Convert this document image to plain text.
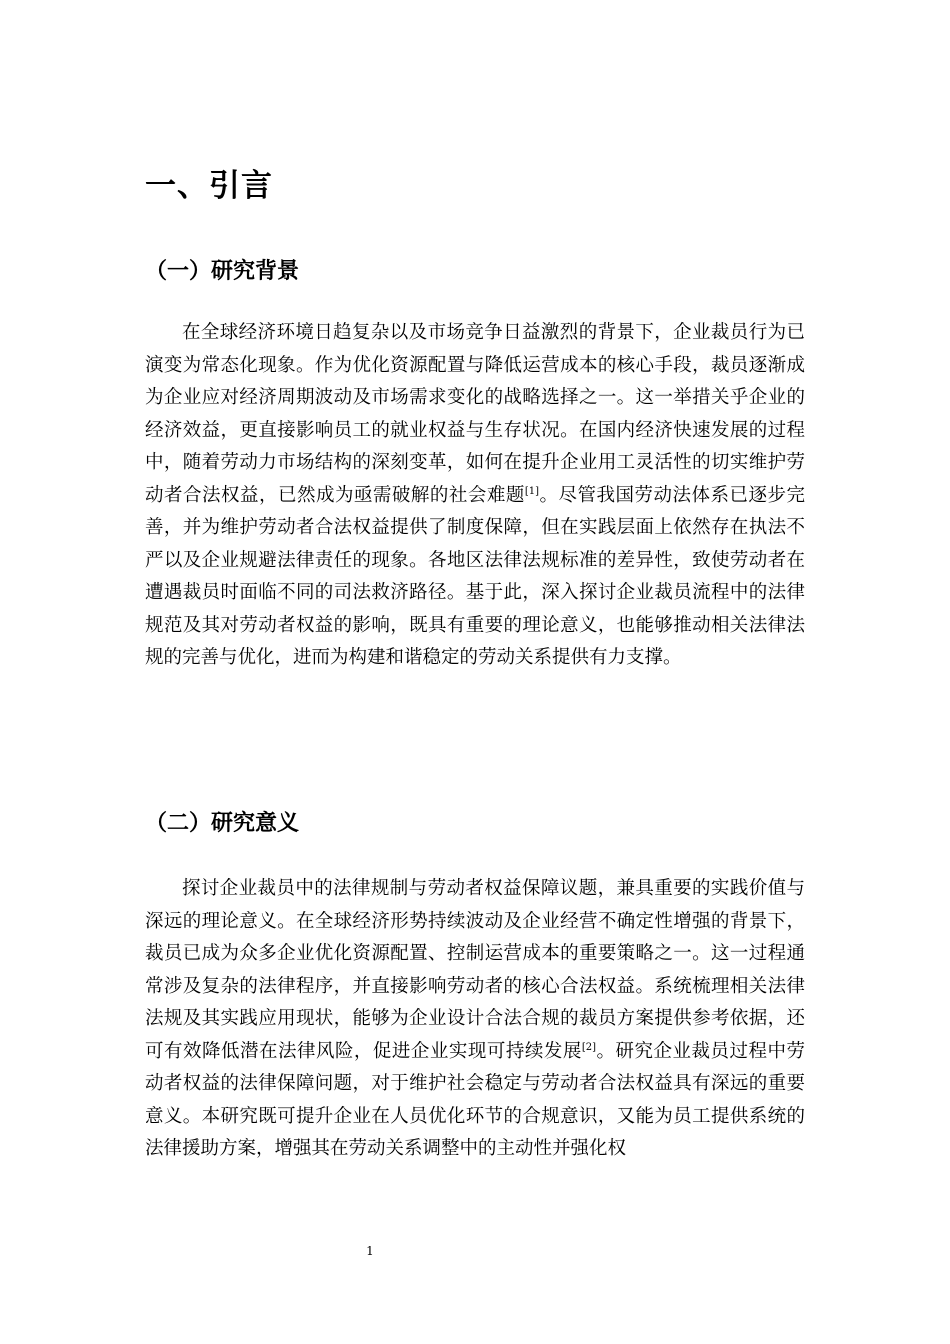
一、引言
（一）研究背景
在全球经济环境日趋复杂以及市场竞争日益激烈的背景下，企业裁员行为已演变为常态化现象。作为优化资源配置与降低运营成本的核心手段，裁员逐渐成为企业应对经济周期波动及市场需求变化的战略选择之一。这一举措关乎企业的经济效益，更直接影响员工的就业权益与生存状况。在国内经济快速发展的过程中，随着劳动力市场结构的深刻变革，如何在提升企业用工灵活性的切实维护劳动者合法权益，已然成为亟需破解的社会难题[1]。尽管我国劳动法体系已逐步完善，并为维护劳动者合法权益提供了制度保障，但在实践层面上依然存在执法不严以及企业规避法律责任的现象。各地区法律法规标准的差异性，致使劳动者在遭遇裁员时面临不同的司法救济路径。基于此，深入探讨企业裁员流程中的法律规范及其对劳动者权益的影响，既具有重要的理论意义，也能够推动相关法律法规的完善与优化，进而为构建和谐稳定的劳动关系提供有力支撑。
（二）研究意义
探讨企业裁员中的法律规制与劳动者权益保障议题，兼具重要的实践价值与深远的理论意义。在全球经济形势持续波动及企业经营不确定性增强的背景下，裁员已成为众多企业优化资源配置、控制运营成本的重要策略之一。这一过程通常涉及复杂的法律程序，并直接影响劳动者的核心合法权益。系统梳理相关法律法规及其实践应用现状，能够为企业设计合法合规的裁员方案提供参考依据，还可有效降低潜在法律风险，促进企业实现可持续发展[2]。研究企业裁员过程中劳动者权益的法律保障问题，对于维护社会稳定与劳动者合法权益具有深远的重要意义。本研究既可提升企业在人员优化环节的合规意识，又能为员工提供系统的法律援助方案，增强其在劳动关系调整中的主动性并强化权
1
